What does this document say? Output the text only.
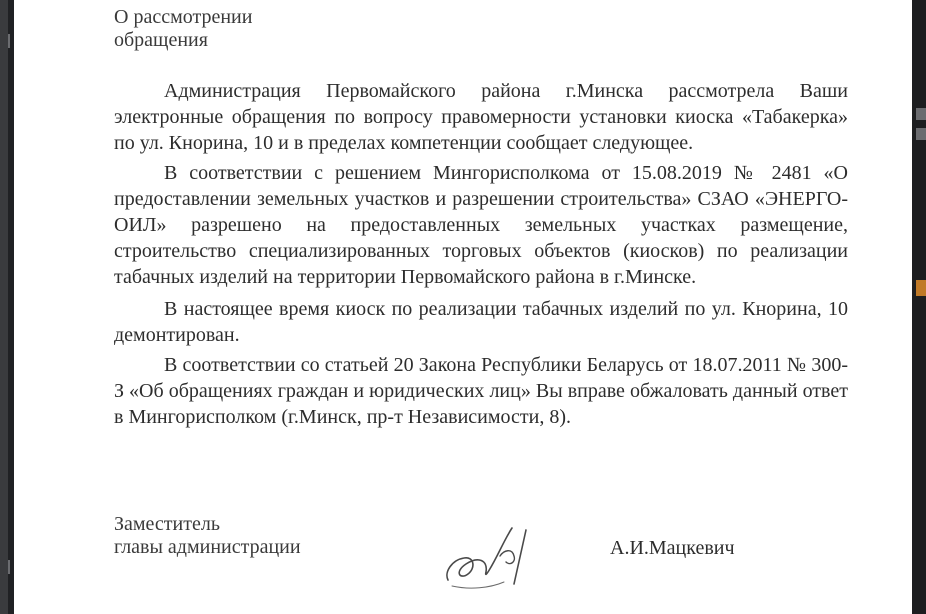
О рассмотрении
обращения

Администрация Первомайского района г.Минска рассмотрела Ваши электронные обращения по вопросу правомерности установки киоска «Табакерка» по ул. Кнорина, 10 и в пределах компетенции сообщает следующее.

В соответствии с решением Мингорисполкома от 15.08.2019 № 2481 «О предоставлении земельных участков и разрешении строительства» СЗАО «ЭНЕРГО-ОИЛ» разрешено на предоставленных земельных участках размещение, строительство специализированных торговых объектов (киосков) по реализации табачных изделий на территории Первомайского района в г.Минске.

В настоящее время киоск по реализации табачных изделий по ул. Кнорина, 10 демонтирован.

В соответствии со статьей 20 Закона Республики Беларусь от 18.07.2011 № 300-З «Об обращениях граждан и юридических лиц» Вы вправе обжаловать данный ответ в Мингорисполком (г.Минск, пр-т Независимости, 8).

Заместитель
главы администрации	А.И.Мацкевич
